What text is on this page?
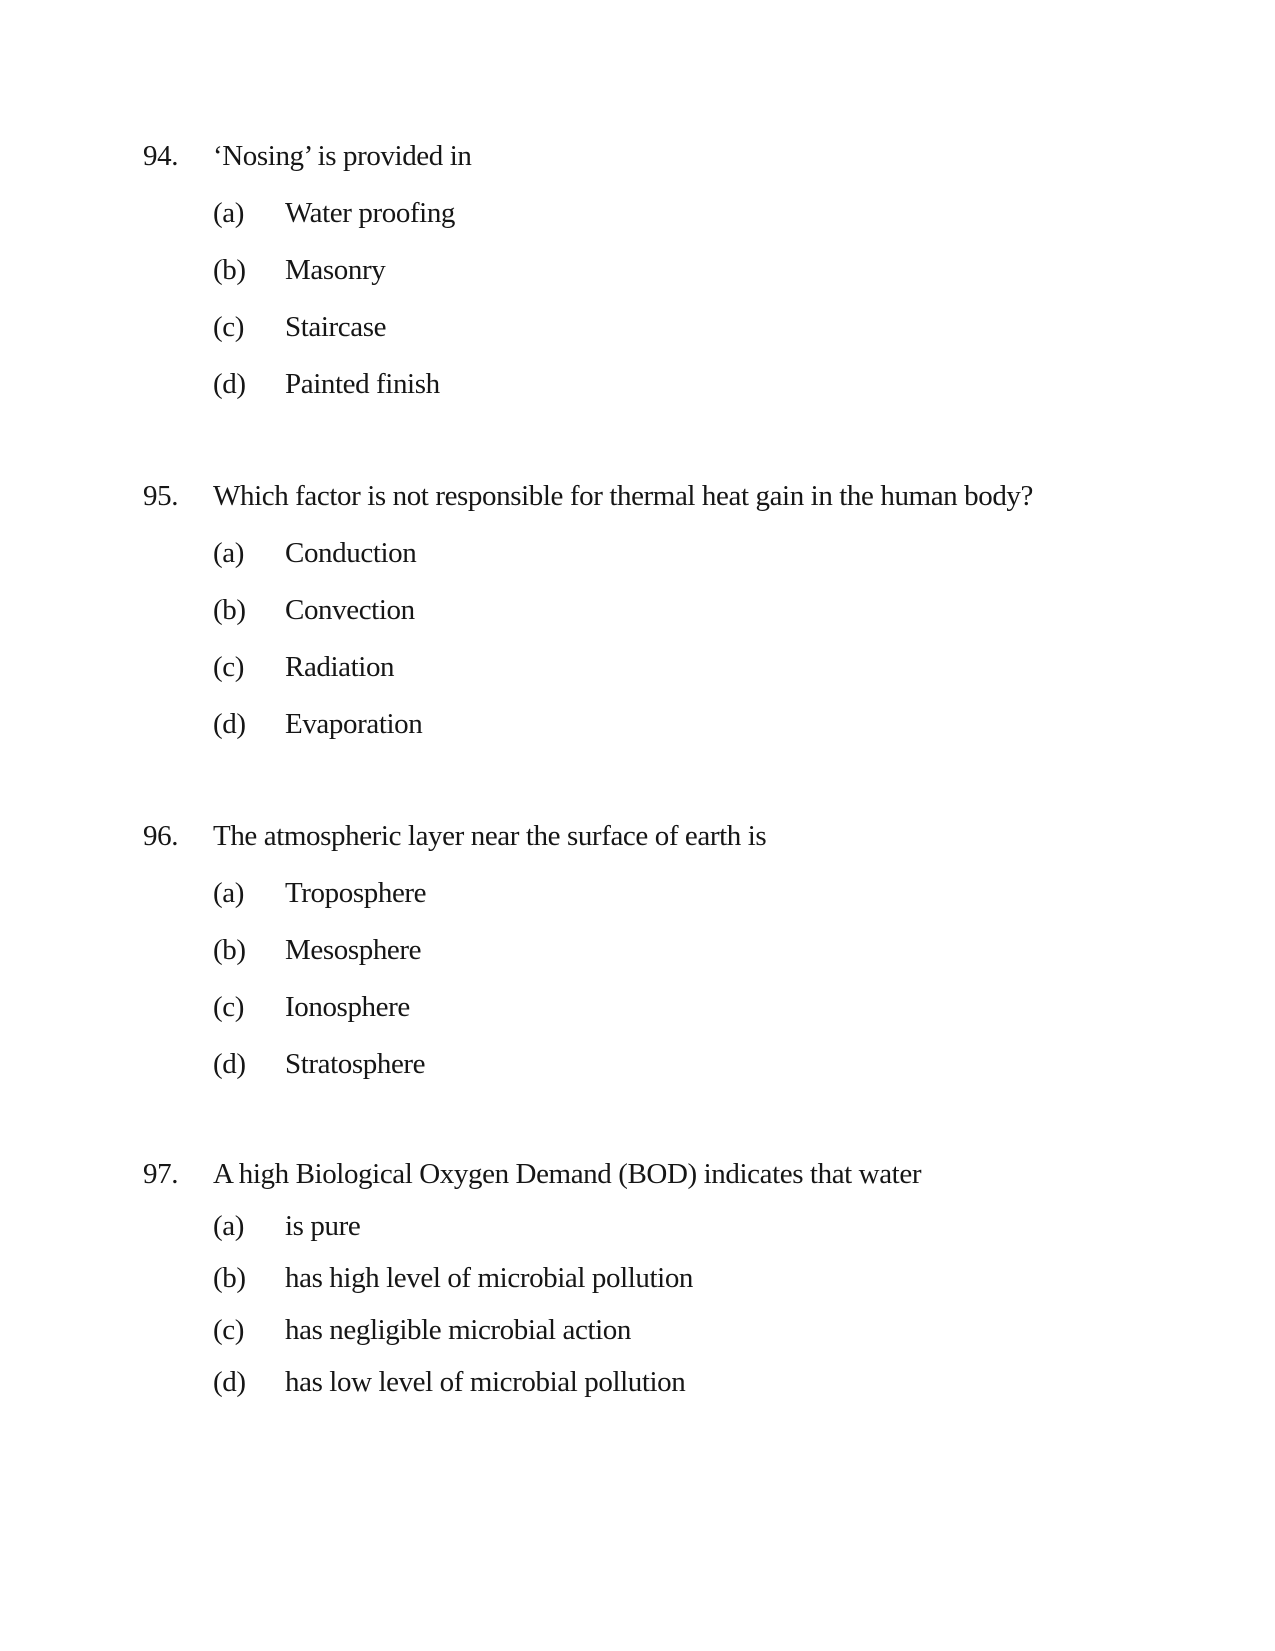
94.	‘Nosing’ is provided in
(a)	Water proofing
(b)	Masonry
(c)	Staircase
(d)	Painted finish
95.	Which factor is not responsible for thermal heat gain in the human body?
(a)	Conduction
(b)	Convection
(c)	Radiation
(d)	Evaporation
96.	The atmospheric layer near the surface of earth is
(a)	Troposphere
(b)	Mesosphere
(c)	Ionosphere
(d)	Stratosphere
97.	A high Biological Oxygen Demand (BOD) indicates that water
(a)	is pure
(b)	has high level of microbial pollution
(c)	has negligible microbial action
(d)	has low level of microbial pollution
